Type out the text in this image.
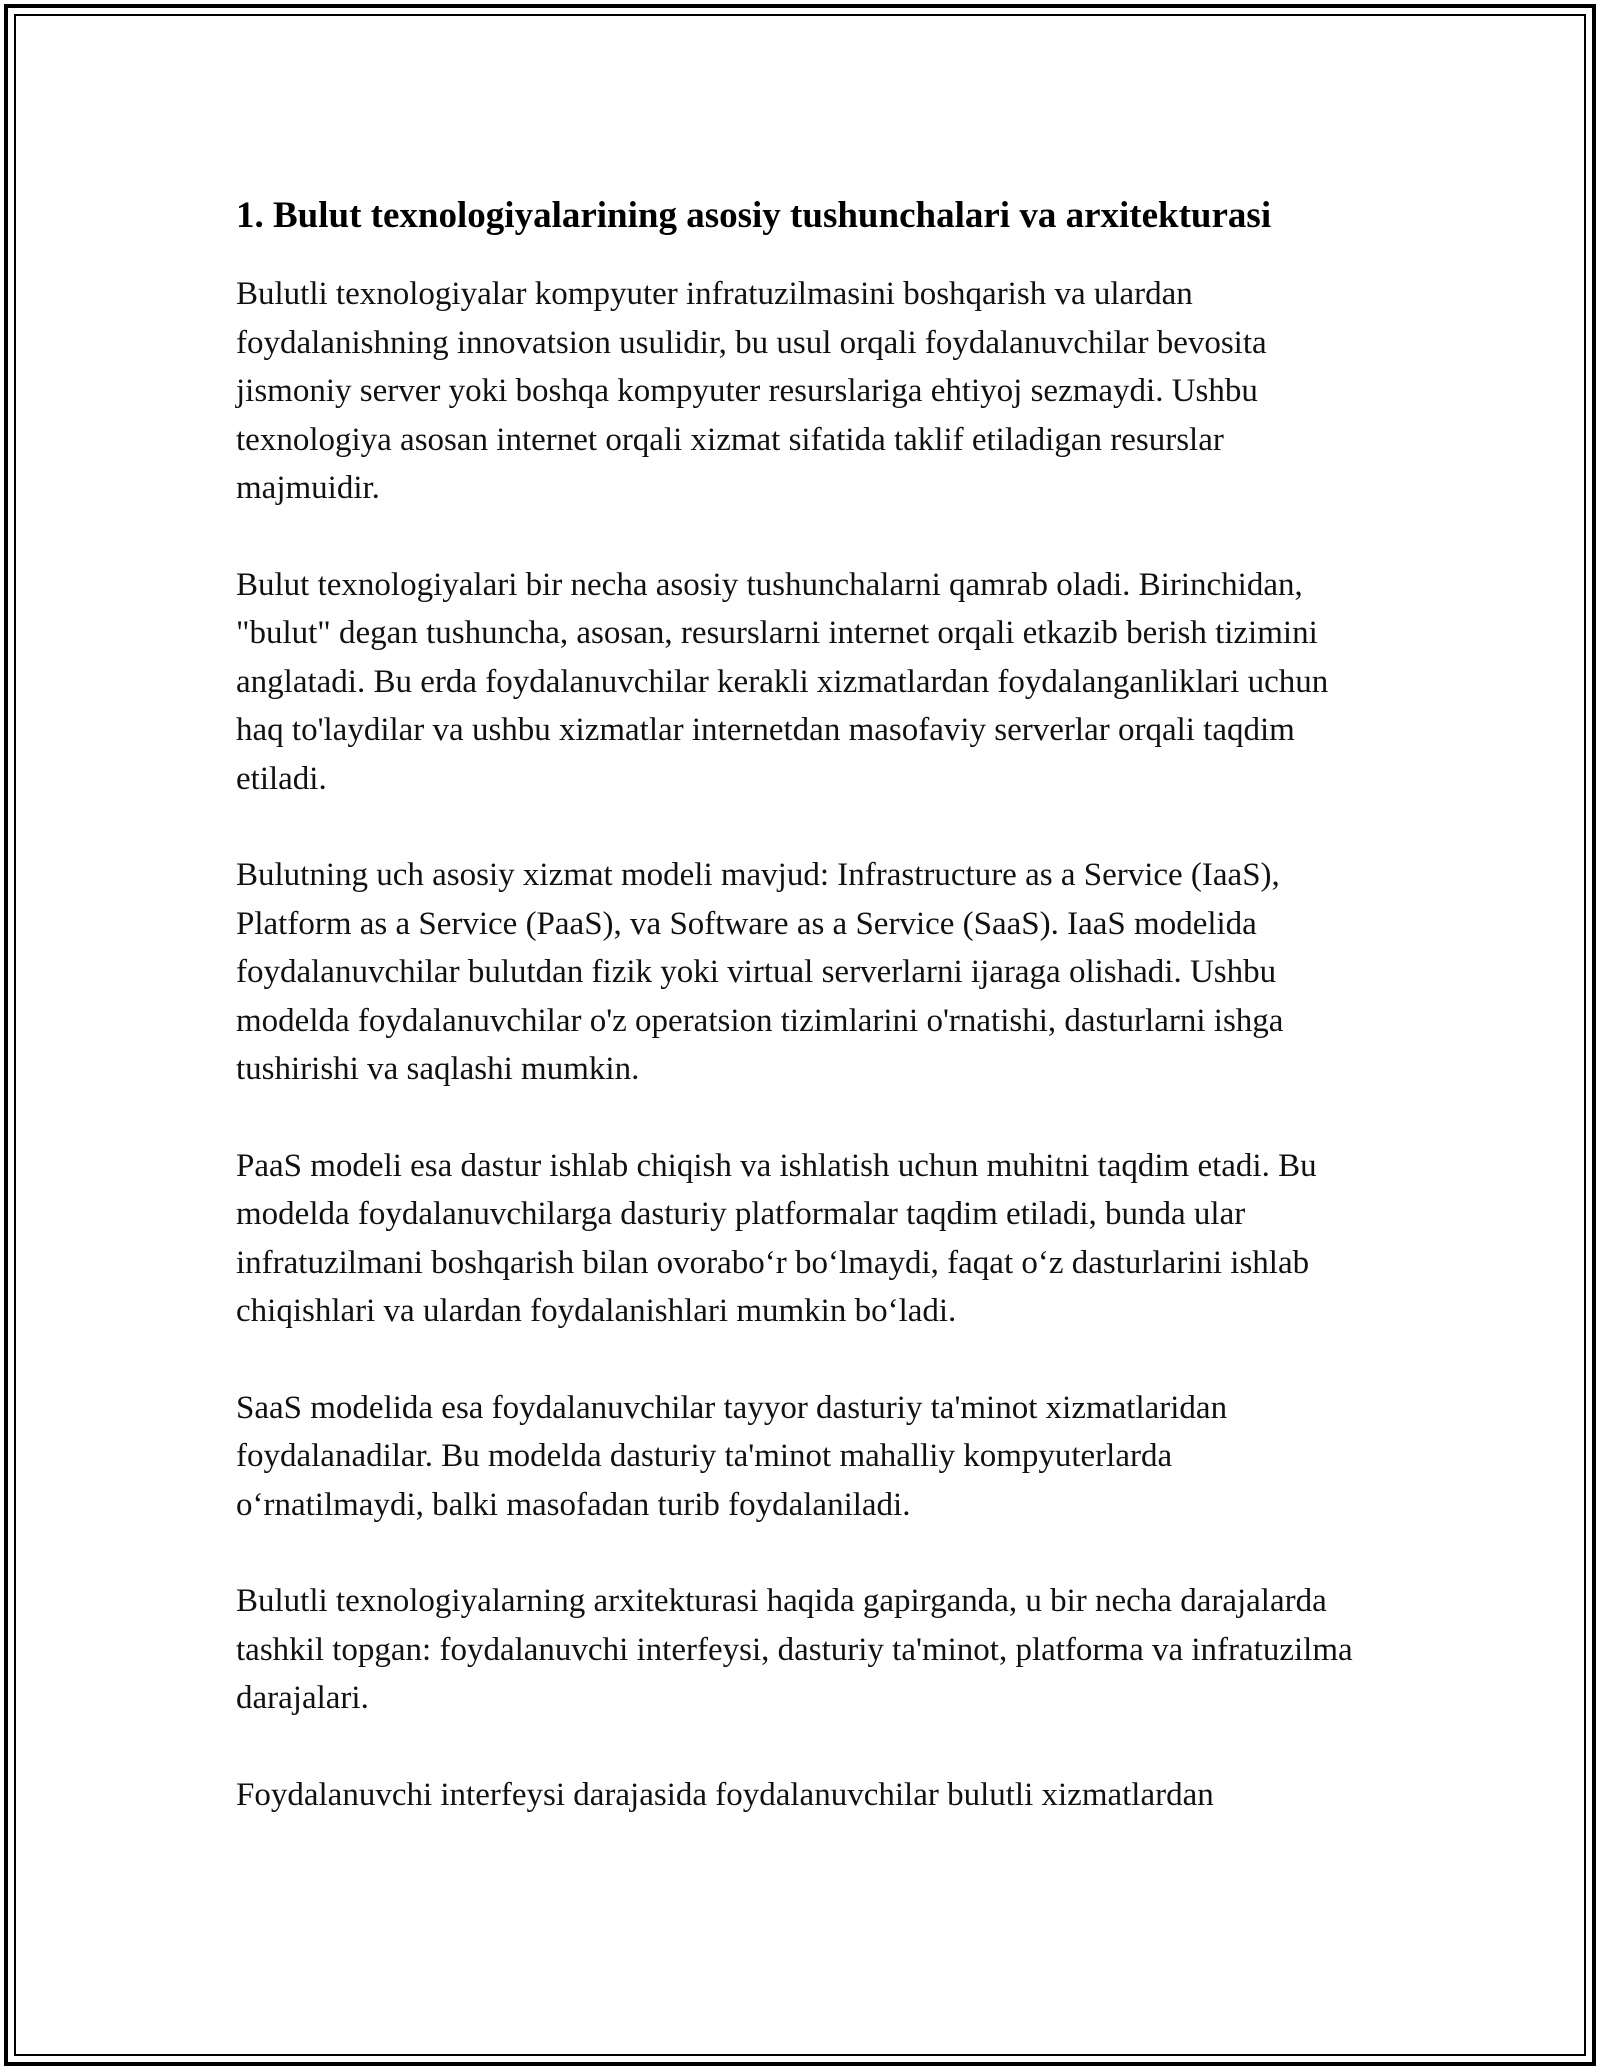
1. Bulut texnologiyalarining asosiy tushunchalari va arxitekturasi

Bulutli texnologiyalar kompyuter infratuzilmasini boshqarish va ulardan foydalanishning innovatsion usulidir, bu usul orqali foydalanuvchilar bevosita jismoniy server yoki boshqa kompyuter resurslariga ehtiyoj sezmaydi. Ushbu texnologiya asosan internet orqali xizmat sifatida taklif etiladigan resurslar majmuidir.

Bulut texnologiyalari bir necha asosiy tushunchalarni qamrab oladi. Birinchidan, "bulut" degan tushuncha, asosan, resurslarni internet orqali etkazib berish tizimini anglatadi. Bu erda foydalanuvchilar kerakli xizmatlardan foydalanganliklari uchun haq to'laydilar va ushbu xizmatlar internetdan masofaviy serverlar orqali taqdim etiladi.

Bulutning uch asosiy xizmat modeli mavjud: Infrastructure as a Service (IaaS), Platform as a Service (PaaS), va Software as a Service (SaaS). IaaS modelida foydalanuvchilar bulutdan fizik yoki virtual serverlarni ijaraga olishadi. Ushbu modelda foydalanuvchilar o'z operatsion tizimlarini o'rnatishi, dasturlarni ishga tushirishi va saqlashi mumkin.

PaaS modeli esa dastur ishlab chiqish va ishlatish uchun muhitni taqdim etadi. Bu modelda foydalanuvchilarga dasturiy platformalar taqdim etiladi, bunda ular infratuzilmani boshqarish bilan ovorabo‘r bo‘lmaydi, faqat o‘z dasturlarini ishlab chiqishlari va ulardan foydalanishlari mumkin bo‘ladi.

SaaS modelida esa foydalanuvchilar tayyor dasturiy ta'minot xizmatlaridan foydalanadilar. Bu modelda dasturiy ta'minot mahalliy kompyuterlarda o‘rnatilmaydi, balki masofadan turib foydalaniladi.

Bulutli texnologiyalarning arxitekturasi haqida gapirganda, u bir necha darajalarda tashkil topgan: foydalanuvchi interfeysi, dasturiy ta'minot, platforma va infratuzilma darajalari.

Foydalanuvchi interfeysi darajasida foydalanuvchilar bulutli xizmatlardan
